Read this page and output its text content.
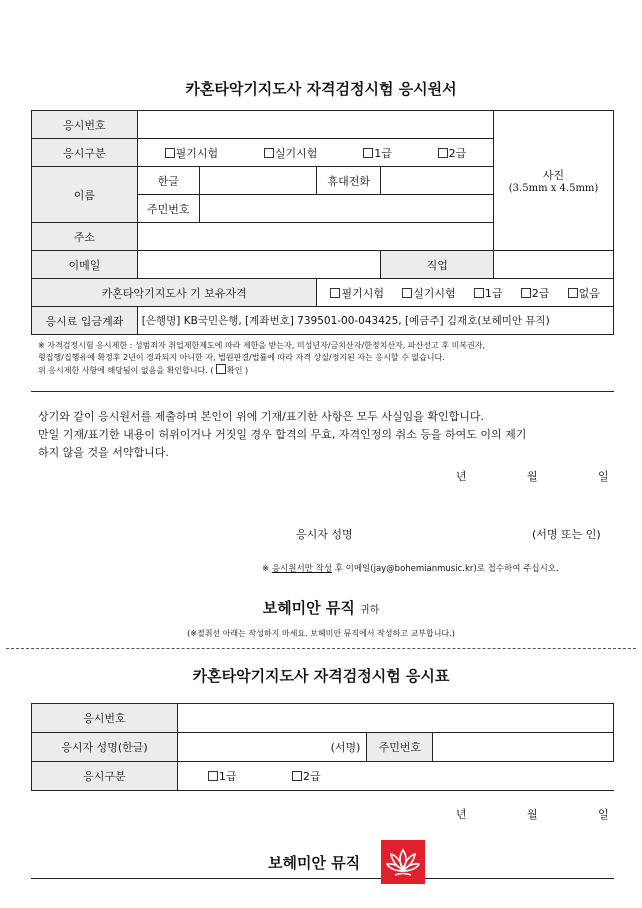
카혼타악기지도사 자격검정시험 응시원서
응시번호					사진
(3.5mm x 4.5mm)

응시구분	필기시험 실기시험 1급 2급				

이름	한글		휴대전화		
	주민번호				
주소					
이메일				직업	
카혼타악기지도사 기 보유자격			필기시험 실기시험 1급 2급 없음		

응시료 입금계좌	[은행명] KB국민은행, [계좌번호] 739501-00-043425, [예금주] 김재호(보헤미안 뮤직)				
※ 자격검정시험 응시제한 : 성범죄자 취업제한제도에 따라 제한을 받는자, 미성년자/금치산자/한정치산자, 파산선고 후 미복권자,
형집행/집행유예 확정후 2년이 경과되지 아니한 자, 법원판결/법률에 따라 자격 상실/정지된 자는 응시할 수 없습니다.
위 응시제한 사항에 해당됨이 없음을 확인합니다. ( 확인 )
상기와 같이 응시원서를 제출하며 본인이 위에 기재/표기한 사항은 모두 사실임을 확인합니다.
만일 기재/표기한 내용이 허위이거나 거짓일 경우 합격의 무효, 자격인정의 취소 등을 하여도 이의 제기
하지 않을 것을 서약합니다.
년	월	일
응시자 성명	(서명 또는 인)
※ 응시원서만 작성 후 이메일(jay@bohemianmusic.kr)로 접수하여 주십시오.
보헤미안 뮤직 귀하
(※절취선 아래는 작성하지 마세요. 보헤미안 뮤직에서 작성하고 교부합니다.)
카혼타악기지도사 자격검정시험 응시표
응시번호			
응시자 성명(한글)	(서명)	주민번호	
응시구분	1급 2급		
년	월	일
보헤미안 뮤직
